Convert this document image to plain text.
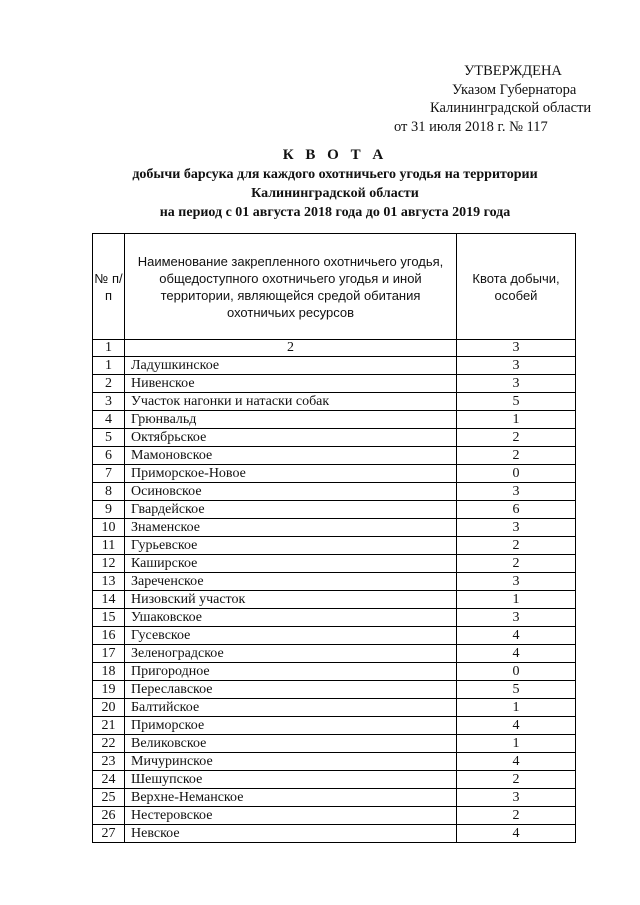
УТВЕРЖДЕНА
Указом Губернатора
Калининградской области
от 31 июля 2018 г. № 117
К В О Т А
добычи барсука для каждого охотничьего угодья на территории
Калининградской области
на период с 01 августа 2018 года до 01 августа 2019 года
№ п/п	Наименование закрепленного охотничьего угодья, общедоступного охотничьего угодья и иной территории, являющейся средой обитания охотничьих ресурсов	Квота добычи, особей
1	2	3
1	Ладушкинское	3
2	Нивенское	3
3	Участок нагонки и натаски собак	5
4	Грюнвальд	1
5	Октябрьское	2
6	Мамоновское	2
7	Приморское-Новое	0
8	Осиновское	3
9	Гвардейское	6
10	Знаменское	3
11	Гурьевское	2
12	Каширское	2
13	Зареченское	3
14	Низовский участок	1
15	Ушаковское	3
16	Гусевское	4
17	Зеленоградское	4
18	Пригородное	0
19	Переславское	5
20	Балтийское	1
21	Приморское	4
22	Великовское	1
23	Мичуринское	4
24	Шешупское	2
25	Верхне-Неманское	3
26	Нестеровское	2
27	Невское	4
